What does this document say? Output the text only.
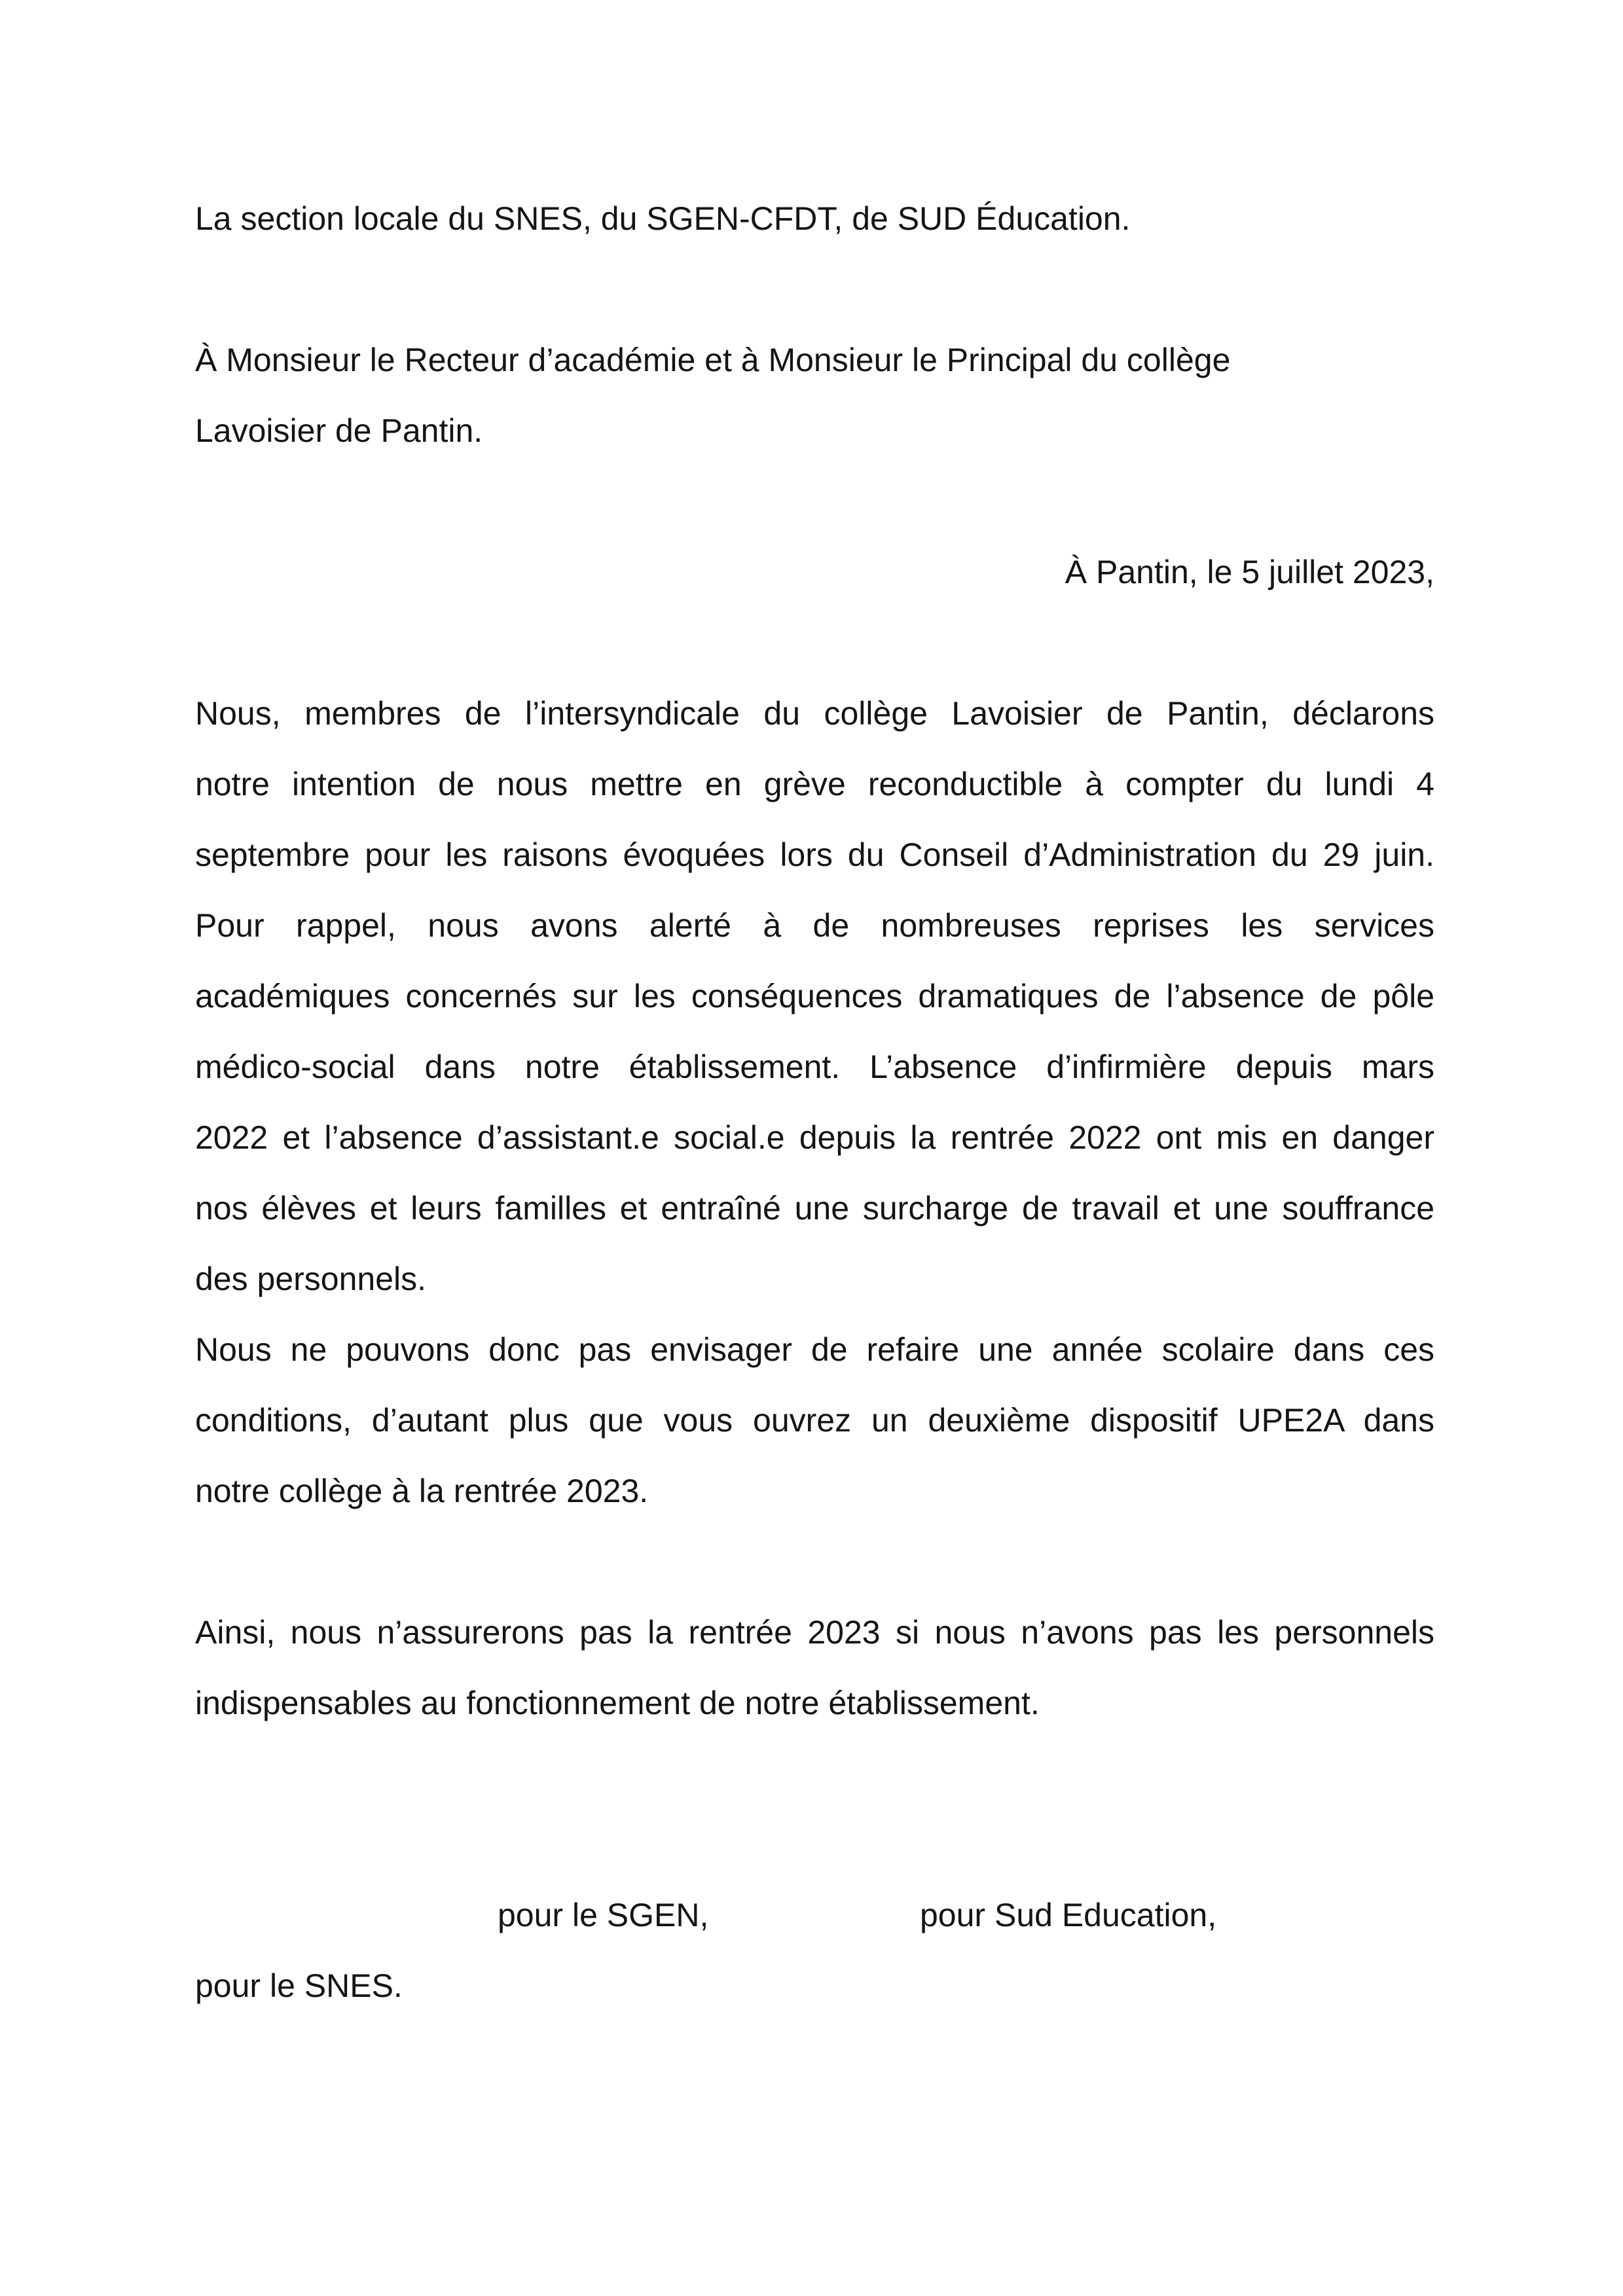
La section locale du SNES, du SGEN-CFDT, de SUD Éducation.
À Monsieur le Recteur d’académie et à Monsieur le Principal du collège
Lavoisier de Pantin.
À Pantin, le 5 juillet 2023,
Nous, membres de l’intersyndicale du collège Lavoisier de Pantin, déclarons
notre intention de nous mettre en grève reconductible à compter du lundi 4
septembre pour les raisons évoquées lors du Conseil d’Administration du 29 juin.
Pour rappel, nous avons alerté à de nombreuses reprises les services
académiques concernés sur les conséquences dramatiques de l’absence de pôle
médico-social dans notre établissement. L’absence d’infirmière depuis mars
2022 et l’absence d’assistant.e social.e depuis la rentrée 2022 ont mis en danger
nos élèves et leurs familles et entraîné une surcharge de travail et une souffrance
des personnels.
Nous ne pouvons donc pas envisager de refaire une année scolaire dans ces
conditions, d’autant plus que vous ouvrez un deuxième dispositif UPE2A dans
notre collège à la rentrée 2023.
Ainsi, nous n’assurerons pas la rentrée 2023 si nous n’avons pas les personnels
indispensables au fonctionnement de notre établissement.
pour le SGEN,	pour Sud Education,
pour le SNES.
